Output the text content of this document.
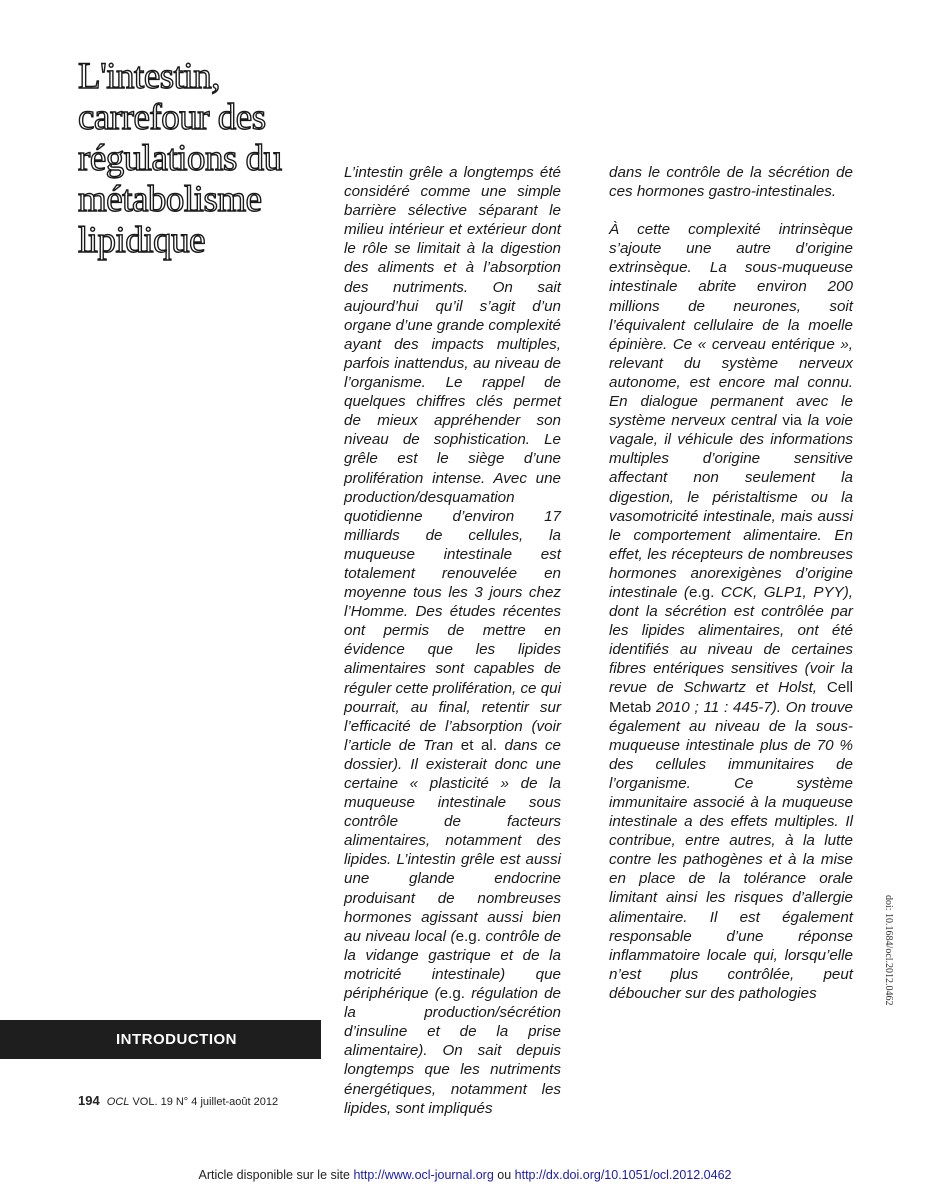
L'intestin,
carrefour des
régulations du
métabolisme
lipidique

L’intestin grêle a longtemps été considéré comme une simple barrière sélective séparant le milieu intérieur et extérieur dont le rôle se limitait à la digestion des aliments et à l’absorption des nutriments. On sait aujourd’hui qu’il s’agit d’un organe d’une grande complexité ayant des impacts multiples, parfois inattendus, au niveau de l’organisme. Le rappel de quelques chiffres clés permet de mieux appréhender son niveau de sophistication. Le grêle est le siège d’une prolifération intense. Avec une production/desquamation quotidienne d’environ 17 milliards de cellules, la muqueuse intestinale est totalement renouvelée en moyenne tous les 3 jours chez l’Homme. Des études récentes ont permis de mettre en évidence que les lipides alimentaires sont capables de réguler cette prolifération, ce qui pourrait, au final, retentir sur l’efficacité de l’absorption (voir l’article de Tran et al. dans ce dossier). Il existerait donc une certaine « plasticité » de la muqueuse intestinale sous contrôle de facteurs alimentaires, notamment des lipides. L’intestin grêle est aussi une glande endocrine produisant de nombreuses hormones agissant aussi bien au niveau local (e.g. contrôle de la vidange gastrique et de la motricité intestinale) que périphérique (e.g. régulation de la production/sécrétion d’insuline et de la prise alimentaire). On sait depuis longtemps que les nutriments énergétiques, notamment les lipides, sont impliqués

dans le contrôle de la sécrétion de ces hormones gastro-intestinales.

À cette complexité intrinsèque s’ajoute une autre d’origine extrinsèque. La sous-muqueuse intestinale abrite environ 200 millions de neurones, soit l’équivalent cellulaire de la moelle épinière. Ce « cerveau entérique », relevant du système nerveux autonome, est encore mal connu. En dialogue permanent avec le système nerveux central via la voie vagale, il véhicule des informations multiples d’origine sensitive affectant non seulement la digestion, le péristaltisme ou la vasomotricité intestinale, mais aussi le comportement alimentaire. En effet, les récepteurs de nombreuses hormones anorexigènes d’origine intestinale (e.g. CCK, GLP1, PYY), dont la sécrétion est contrôlée par les lipides alimentaires, ont été identifiés au niveau de certaines fibres entériques sensitives (voir la revue de Schwartz et Holst, Cell Metab 2010 ; 11 : 445-7). On trouve également au niveau de la sous-muqueuse intestinale plus de 70 % des cellules immunitaires de l’organisme. Ce système immunitaire associé à la muqueuse intestinale a des effets multiples. Il contribue, entre autres, à la lutte contre les pathogènes et à la mise en place de la tolérance orale limitant ainsi les risques d’allergie alimentaire. Il est également responsable d’une réponse inflammatoire locale qui, lorsqu’elle n’est plus contrôlée, peut déboucher sur des pathologies

INTRODUCTION
194 OCL VOL. 19 N° 4 juillet-août 2012
doi: 10.1684/ocl.2012.0462
Article disponible sur le site http://www.ocl-journal.org ou http://dx.doi.org/10.1051/ocl.2012.0462
